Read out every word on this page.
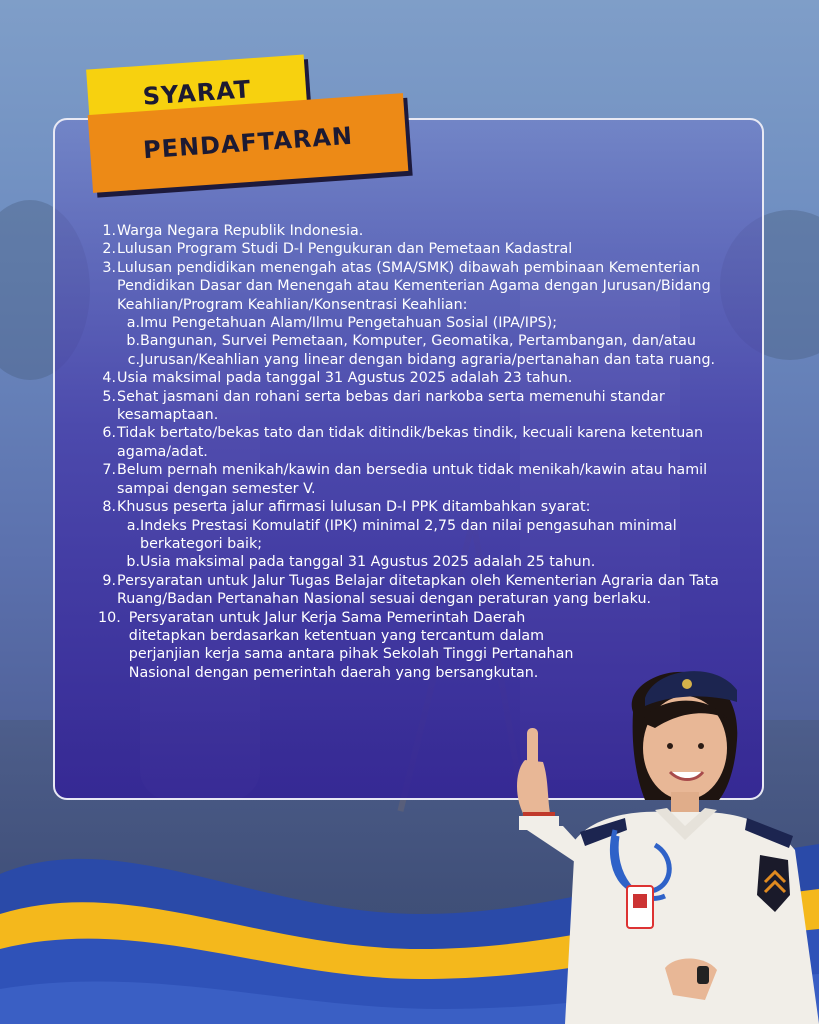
SYARAT
PENDAFTARAN
1. Warga Negara Republik Indonesia.
2. Lulusan Program Studi D-I Pengukuran dan Pemetaan Kadastral
3. Lulusan pendidikan menengah atas (SMA/SMK) dibawah pembinaan Kementerian Pendidikan Dasar dan Menengah atau Kementerian Agama dengan Jurusan/Bidang Keahlian/Program Keahlian/Konsentrasi Keahlian:
a. Imu Pengetahuan Alam/Ilmu Pengetahuan Sosial (IPA/IPS);
b. Bangunan, Survei Pemetaan, Komputer, Geomatika, Pertambangan, dan/atau
c. Jurusan/Keahlian yang linear dengan bidang agraria/pertanahan dan tata ruang.
4. Usia maksimal pada tanggal 31 Agustus 2025 adalah 23 tahun.
5. Sehat jasmani dan rohani serta bebas dari narkoba serta memenuhi standar kesamaptaan.
6. Tidak bertato/bekas tato dan tidak ditindik/bekas tindik, kecuali karena ketentuan agama/adat.
7. Belum pernah menikah/kawin dan bersedia untuk tidak menikah/kawin atau hamil sampai dengan semester V.
8. Khusus peserta jalur afirmasi lulusan D-I PPK ditambahkan syarat:
a. Indeks Prestasi Komulatif (IPK) minimal 2,75 dan nilai pengasuhan minimal berkategori baik;
b. Usia maksimal pada tanggal 31 Agustus 2025 adalah 25 tahun.
9. Persyaratan untuk Jalur Tugas Belajar ditetapkan oleh Kementerian Agraria dan Tata Ruang/Badan Pertanahan Nasional sesuai dengan peraturan yang berlaku.
10. Persyaratan untuk Jalur Kerja Sama Pemerintah Daerah ditetapkan berdasarkan ketentuan yang tercantum dalam perjanjian kerja sama antara pihak Sekolah Tinggi Pertanahan Nasional dengan pemerintah daerah yang bersangkutan.
